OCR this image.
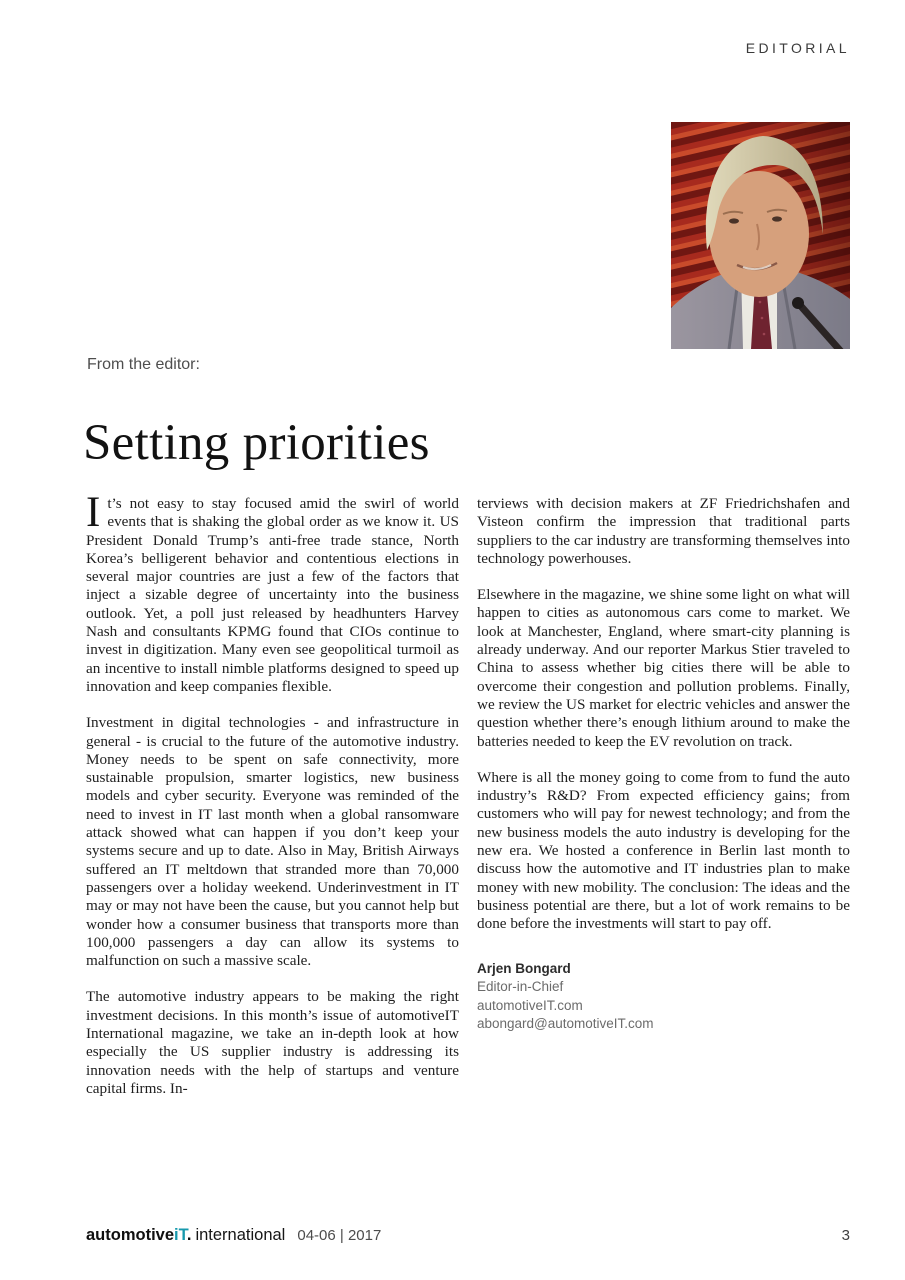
EDITORIAL
From the editor:
Setting priorities

It’s not easy to stay focused amid the swirl of world events that is shaking the global order as we know it. US President Donald Trump’s anti-free trade stance, North Korea’s belligerent behavior and contentious elections in several major countries are just a few of the factors that inject a sizable degree of uncertainty into the business outlook. Yet, a poll just released by headhunters Harvey Nash and consultants KPMG found that CIOs continue to invest in digitization. Many even see geopolitical turmoil as an incentive to install nimble platforms designed to speed up innovation and keep companies flexible.

Investment in digital technologies - and infrastructure in general - is crucial to the future of the automotive industry. Money needs to be spent on safe connectivity, more sustainable propulsion, smarter logistics, new business models and cyber security. Everyone was reminded of the need to invest in IT last month when a global ransomware attack showed what can happen if you don’t keep your systems secure and up to date. Also in May, British Airways suffered an IT meltdown that stranded more than 70,000 passengers over a holiday weekend. Underinvestment in IT may or may not have been the cause, but you cannot help but wonder how a consumer business that transports more than 100,000 passengers a day can allow its systems to malfunction on such a massive scale.

The automotive industry appears to be making the right investment decisions. In this month’s issue of automotiveIT International magazine, we take an in-depth look at how especially the US supplier industry is addressing its innovation needs with the help of startups and venture capital firms. In-

terviews with decision makers at ZF Friedrichshafen and Visteon confirm the impression that traditional parts suppliers to the car industry are transforming themselves into technology powerhouses.

Elsewhere in the magazine, we shine some light on what will happen to cities as autonomous cars come to market. We look at Manchester, England, where smart-city planning is already underway. And our reporter Markus Stier traveled to China to assess whether big cities there will be able to overcome their congestion and pollution problems. Finally, we review the US market for electric vehicles and answer the question whether there’s enough lithium around to make the batteries needed to keep the EV revolution on track.

Where is all the money going to come from to fund the auto industry’s R&D? From expected efficiency gains; from customers who will pay for newest technology; and from the new business models the auto industry is developing for the new era. We hosted a conference in Berlin last month to discuss how the automotive and IT industries plan to make money with new mobility. The conclusion: The ideas and the business potential are there, but a lot of work remains to be done before the investments will start to pay off.

Arjen Bongard
Editor-in-Chief
automotiveIT.com
abongard@automotiveIT.com
automotiveiT. international 04-06 | 2017	3
